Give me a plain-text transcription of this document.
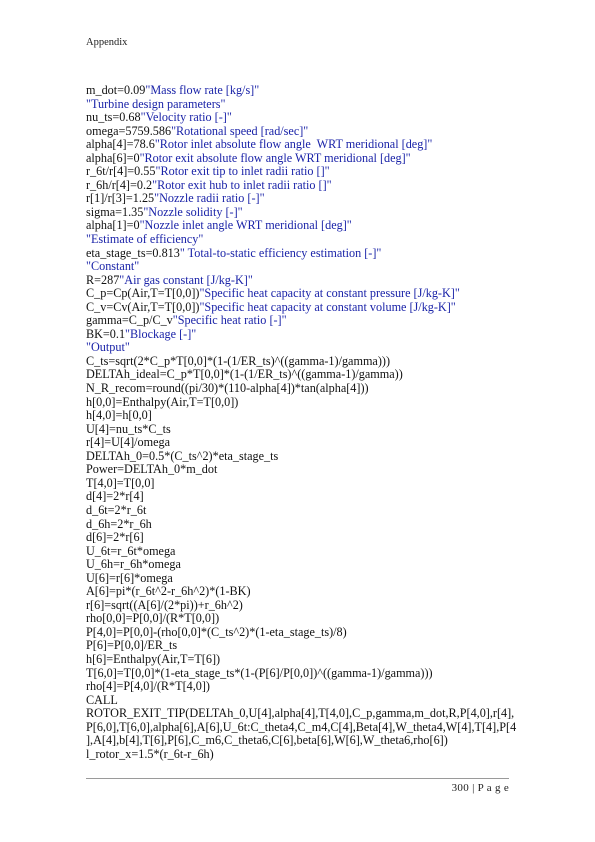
Appendix
m_dot=0.09"Mass flow rate [kg/s]"
"Turbine design parameters"
nu_ts=0.68"Velocity ratio [-]"
omega=5759.586"Rotational speed [rad/sec]"
alpha[4]=78.6"Rotor inlet absolute flow angle  WRT meridional [deg]"
alpha[6]=0"Rotor exit absolute flow angle WRT meridional [deg]"
r_6t/r[4]=0.55"Rotor exit tip to inlet radii ratio []"
r_6h/r[4]=0.2"Rotor exit hub to inlet radii ratio []"
r[1]/r[3]=1.25"Nozzle radii ratio [-]"
sigma=1.35"Nozzle solidity [-]"
alpha[1]=0"Nozzle inlet angle WRT meridional [deg]"
"Estimate of efficiency"
eta_stage_ts=0.813" Total-to-static efficiency estimation [-]"
"Constant"
R=287"Air gas constant [J/kg-K]"
C_p=Cp(Air,T=T[0,0])"Specific heat capacity at constant pressure [J/kg-K]"
C_v=Cv(Air,T=T[0,0])"Specific heat capacity at constant volume [J/kg-K]"
gamma=C_p/C_v"Specific heat ratio [-]"
BK=0.1"Blockage [-]"
"Output"
C_ts=sqrt(2*C_p*T[0,0]*(1-(1/ER_ts)^((gamma-1)/gamma)))
DELTAh_ideal=C_p*T[0,0]*(1-(1/ER_ts)^((gamma-1)/gamma))
N_R_recom=round((pi/30)*(110-alpha[4])*tan(alpha[4]))
h[0,0]=Enthalpy(Air,T=T[0,0])
h[4,0]=h[0,0]
U[4]=nu_ts*C_ts
r[4]=U[4]/omega
DELTAh_0=0.5*(C_ts^2)*eta_stage_ts
Power=DELTAh_0*m_dot
T[4,0]=T[0,0]
d[4]=2*r[4]
d_6t=2*r_6t
d_6h=2*r_6h
d[6]=2*r[6]
U_6t=r_6t*omega
U_6h=r_6h*omega
U[6]=r[6]*omega
A[6]=pi*(r_6t^2-r_6h^2)*(1-BK)
r[6]=sqrt((A[6]/(2*pi))+r_6h^2)
rho[0,0]=P[0,0]/(R*T[0,0])
P[4,0]=P[0,0]-(rho[0,0]*(C_ts^2)*(1-eta_stage_ts)/8)
P[6]=P[0,0]/ER_ts
h[6]=Enthalpy(Air,T=T[6])
T[6,0]=T[0,0]*(1-eta_stage_ts*(1-(P[6]/P[0,0])^((gamma-1)/gamma)))
rho[4]=P[4,0]/(R*T[4,0])
CALL
ROTOR_EXIT_TIP(DELTAh_0,U[4],alpha[4],T[4,0],C_p,gamma,m_dot,R,P[4,0],r[4],
P[6,0],T[6,0],alpha[6],A[6],U_6t:C_theta4,C_m4,C[4],Beta[4],W_theta4,W[4],T[4],P[4
],A[4],b[4],T[6],P[6],C_m6,C_theta6,C[6],beta[6],W[6],W_theta6,rho[6])
l_rotor_x=1.5*(r_6t-r_6h)
300 | P a g e
